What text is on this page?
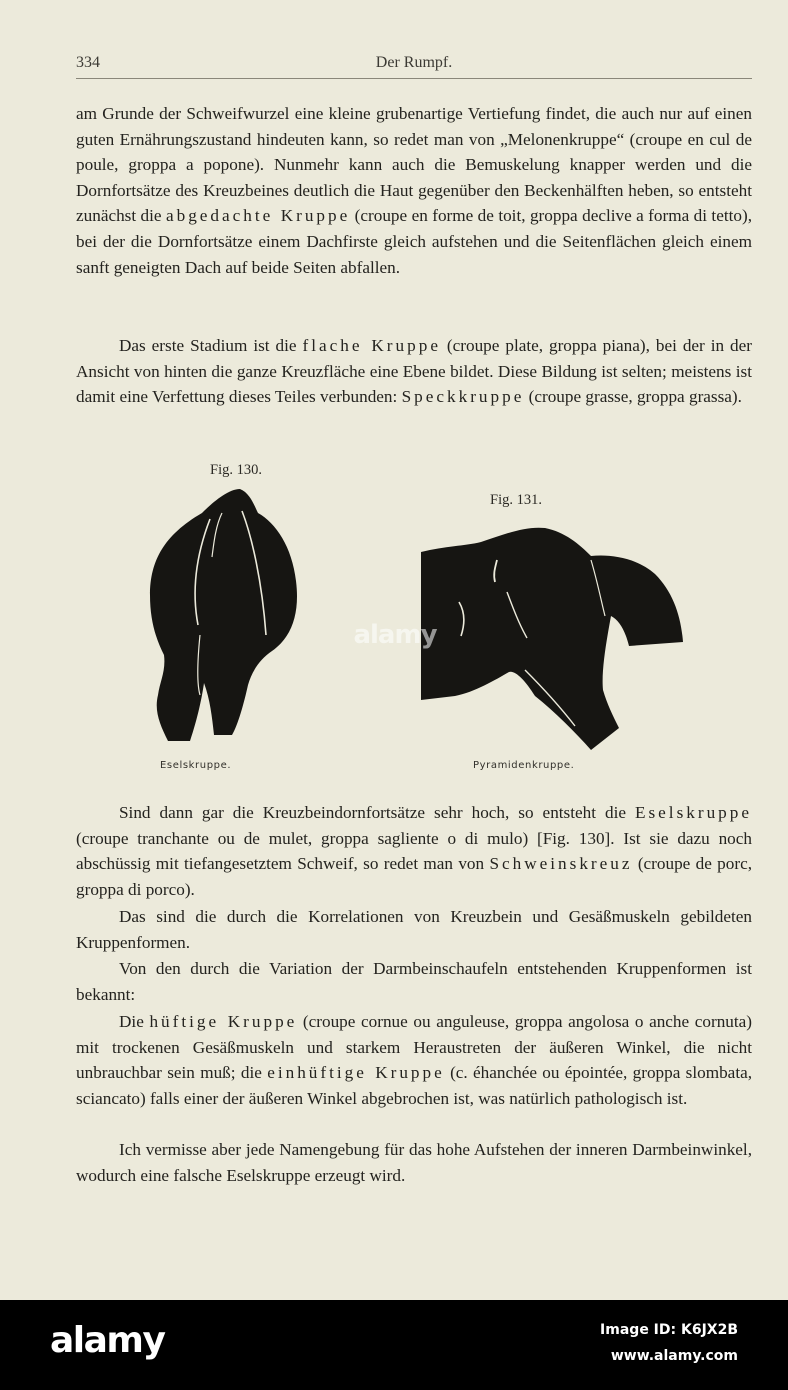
334	Der Rumpf.

am Grunde der Schweifwurzel eine kleine grubenartige Vertiefung findet, die auch nur auf einen guten Ernährungszustand hindeuten kann, so redet man von „Melonenkruppe“ (croupe en cul de poule, groppa a popone). Nunmehr kann auch die Bemuskelung knapper werden und die Dornfortsätze des Kreuzbeines deutlich die Haut gegenüber den Beckenhälften heben, so entsteht zunächst die abgedachte Kruppe (croupe en forme de toit, groppa declive a forma di tetto), bei der die Dornfortsätze einem Dachfirste gleich aufstehen und die Seitenflächen gleich einem sanft geneigten Dach auf beide Seiten abfallen.

Das erste Stadium ist die flache Kruppe (croupe plate, groppa piana), bei der in der Ansicht von hinten die ganze Kreuzfläche eine Ebene bildet. Diese Bildung ist selten; meistens ist damit eine Verfettung dieses Teiles verbunden: Speckkruppe (croupe grasse, groppa grassa).

Fig. 130.
Eselskruppe.
Fig. 131.
Pyramidenkruppe.
alamy

Sind dann gar die Kreuzbeindornfortsätze sehr hoch, so entsteht die Eselskruppe (croupe tranchante ou de mulet, groppa sagliente o di mulo) [Fig. 130]. Ist sie dazu noch abschüssig mit tiefangesetztem Schweif, so redet man von Schweinskreuz (croupe de porc, groppa di porco).

Das sind die durch die Korrelationen von Kreuzbein und Gesäßmuskeln gebildeten Kruppenformen.

Von den durch die Variation der Darmbeinschaufeln entstehenden Kruppenformen ist bekannt:

Die hüftige Kruppe (croupe cornue ou anguleuse, groppa angolosa o anche cornuta) mit trockenen Gesäßmuskeln und starkem Heraustreten der äußeren Winkel, die nicht unbrauchbar sein muß; die einhüftige Kruppe (c. éhanchée ou épointée, groppa slombata, sciancato) falls einer der äußeren Winkel abgebrochen ist, was natürlich pathologisch ist.

Ich vermisse aber jede Namengebung für das hohe Aufstehen der inneren Darmbeinwinkel, wodurch eine falsche Eselskruppe erzeugt wird.

alamy	Image ID: K6JX2B
www.alamy.com
